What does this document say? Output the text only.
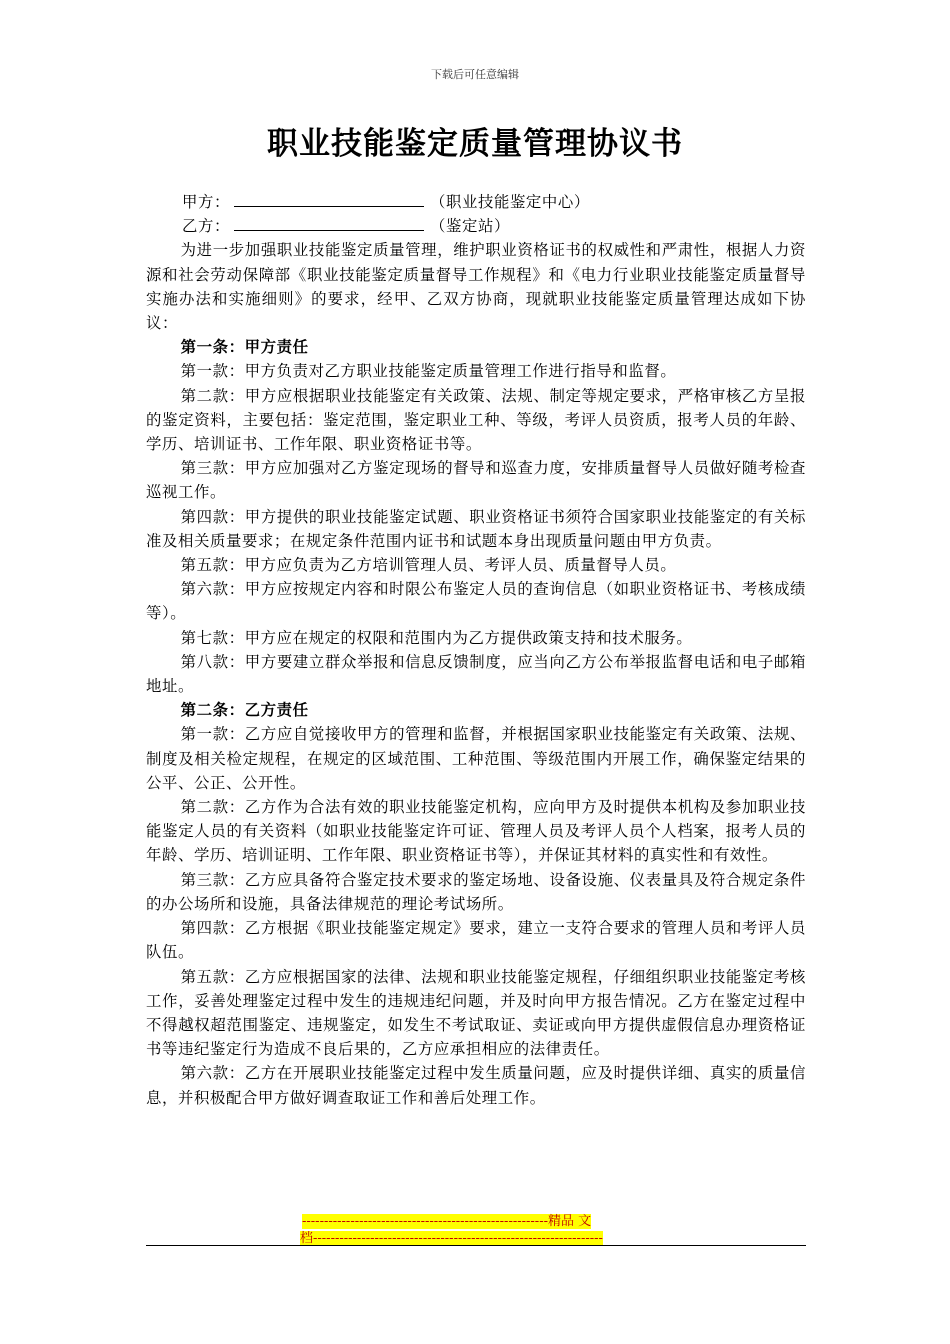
下载后可任意编辑
职业技能鉴定质量管理协议书
甲方：	（职业技能鉴定中心）
乙方：	（鉴定站）

为进一步加强职业技能鉴定质量管理，维护职业资格证书的权威性和严肃性，根据人力资源和社会劳动保障部《职业技能鉴定质量督导工作规程》和《电力行业职业技能鉴定质量督导实施办法和实施细则》的要求，经甲、乙双方协商，现就职业技能鉴定质量管理达成如下协议：

第一条：甲方责任

第一款：甲方负责对乙方职业技能鉴定质量管理工作进行指导和监督。

第二款：甲方应根据职业技能鉴定有关政策、法规、制定等规定要求，严格审核乙方呈报的鉴定资料，主要包括：鉴定范围，鉴定职业工种、等级，考评人员资质，报考人员的年龄、学历、培训证书、工作年限、职业资格证书等。

第三款：甲方应加强对乙方鉴定现场的督导和巡查力度，安排质量督导人员做好随考检查巡视工作。

第四款：甲方提供的职业技能鉴定试题、职业资格证书须符合国家职业技能鉴定的有关标准及相关质量要求；在规定条件范围内证书和试题本身出现质量问题由甲方负责。

第五款：甲方应负责为乙方培训管理人员、考评人员、质量督导人员。

第六款：甲方应按规定内容和时限公布鉴定人员的查询信息（如职业资格证书、考核成绩等）。

第七款：甲方应在规定的权限和范围内为乙方提供政策支持和技术服务。

第八款：甲方要建立群众举报和信息反馈制度，应当向乙方公布举报监督电话和电子邮箱地址。

第二条：乙方责任

第一款：乙方应自觉接收甲方的管理和监督，并根据国家职业技能鉴定有关政策、法规、制度及相关检定规程，在规定的区域范围、工种范围、等级范围内开展工作，确保鉴定结果的公平、公正、公开性。

第二款：乙方作为合法有效的职业技能鉴定机构，应向甲方及时提供本机构及参加职业技能鉴定人员的有关资料（如职业技能鉴定许可证、管理人员及考评人员个人档案，报考人员的年龄、学历、培训证明、工作年限、职业资格证书等），并保证其材料的真实性和有效性。

第三款：乙方应具备符合鉴定技术要求的鉴定场地、设备设施、仪表量具及符合规定条件的办公场所和设施，具备法律规范的理论考试场所。

第四款：乙方根据《职业技能鉴定规定》要求，建立一支符合要求的管理人员和考评人员队伍。

第五款：乙方应根据国家的法律、法规和职业技能鉴定规程，仔细组织职业技能鉴定考核工作，妥善处理鉴定过程中发生的违规违纪问题，并及时向甲方报告情况。乙方在鉴定过程中不得越权超范围鉴定、违规鉴定，如发生不考试取证、卖证或向甲方提供虚假信息办理资格证书等违纪鉴定行为造成不良后果的，乙方应承担相应的法律责任。

第六款：乙方在开展职业技能鉴定过程中发生质量问题，应及时提供详细、真实的质量信息，并积极配合甲方做好调查取证工作和善后处理工作。

--------------------------------------------------------精品 文
档------------------------------------------------------------------
